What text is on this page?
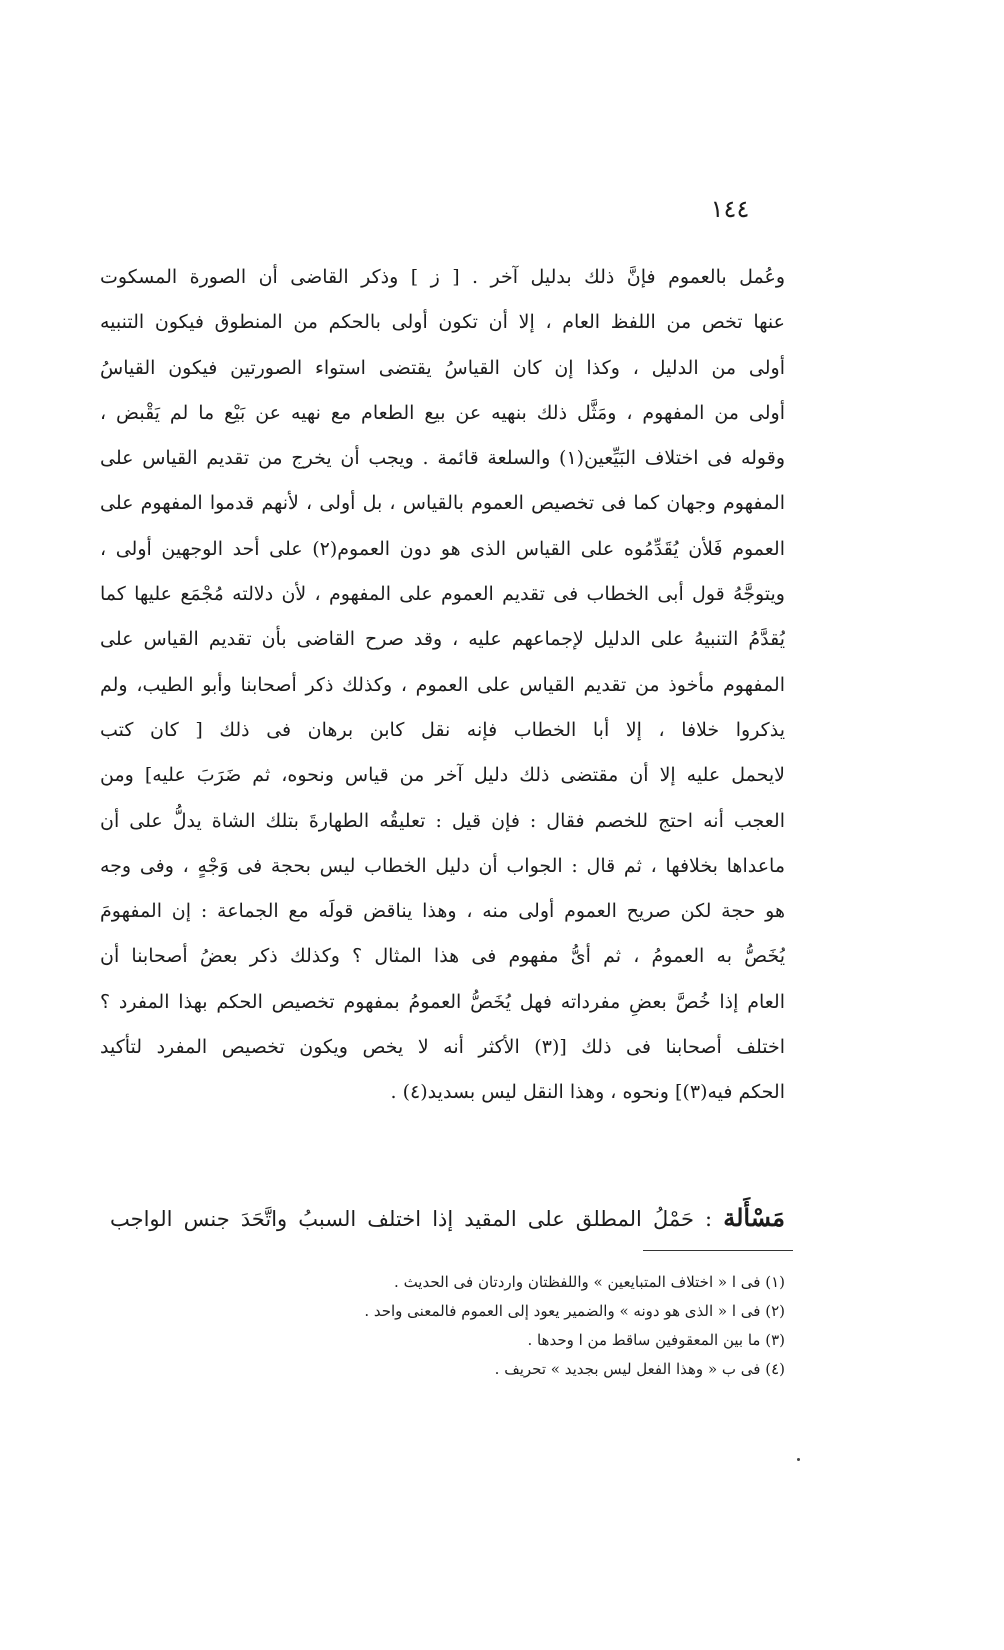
١٤٤
وعُمل بالعموم فإنَّ ذلك بدليل آخر . [ ز ] وذكر القاضى أن الصورة المسكوت
عنها تخص من اللفظ العام ، إلا أن تكون أولى بالحكم من المنطوق فيكون التنبيه
أولى من الدليل ، وكذا إن كان القياسُ يقتضى استواء الصورتين فيكون القياسُ
أولى من المفهوم ، ومَثَّل ذلك بنهيه عن بيع الطعام مع نهيه عن بَيْع ما لم يَقْبض ،
وقوله فى اختلاف البَيِّعين(١) والسلعة قائمة . ويجب أن يخرج من تقديم القياس على
المفهوم وجهان كما فى تخصيص العموم بالقياس ، بل أولى ، لأنهم قدموا المفهوم على
العموم فَلأن يُقَدِّمُوه على القياس الذى هو دون العموم(٢) على أحد الوجهين أولى ،
ويتوجَّهُ قول أبى الخطاب فى تقديم العموم على المفهوم ، لأن دلالته مُجْمَع عليها كما
يُقدَّمُ التنبيهُ على الدليل لإجماعهم عليه ، وقد صرح القاضى بأن تقديم القياس على
المفهوم مأخوذ من تقديم القياس على العموم ، وكذلك ذكر أصحابنا وأبو الطيب، ولم
يذكروا خلافا ، إلا أبا الخطاب فإنه نقل كابن برهان فى ذلك [ كان كتب
لايحمل عليه إلا أن مقتضى ذلك دليل آخر من قياس ونحوه، ثم ضَرَبَ عليه] ومن
العجب أنه احتج للخصم فقال : فإن قيل : تعليقُه الطهارةَ بتلك الشاة يدلُّ على أن
ماعداها بخلافها ، ثم قال : الجواب أن دليل الخطاب ليس بحجة فى وَجْهٍ ، وفى وجه
هو حجة لكن صريح العموم أولى منه ، وهذا يناقض قولَه مع الجماعة : إن المفهومَ
يُخَصُّ به العمومُ ، ثم أىُّ مفهوم فى هذا المثال ؟ وكذلك ذكر بعضُ أصحابنا أن
العام إذا خُصَّ بعضِ مفرداته فهل يُخَصُّ العمومُ بمفهوم تخصيص الحكم بهذا المفرد ؟
اختلف أصحابنا فى ذلك [(٣) الأكثر أنه لا يخص ويكون تخصيص المفرد لتأكيد
الحكم فيه(٣)] ونحوه ، وهذا النقل ليس بسديد(٤) .
مَسْأَلة : حَمْلُ المطلق على المقيد إذا اختلف السببُ واتَّحَدَ جنس الواجب
(١) فى ا « اختلاف المتبايعين » واللفظتان واردتان فى الحديث .
(٢) فى ا « الذى هو دونه » والضمير يعود إلى العموم فالمعنى واحد .
(٣) ما بين المعقوفين ساقط من ا وحدها .
(٤) فى ب « وهذا الفعل ليس بجديد » تحريف .
